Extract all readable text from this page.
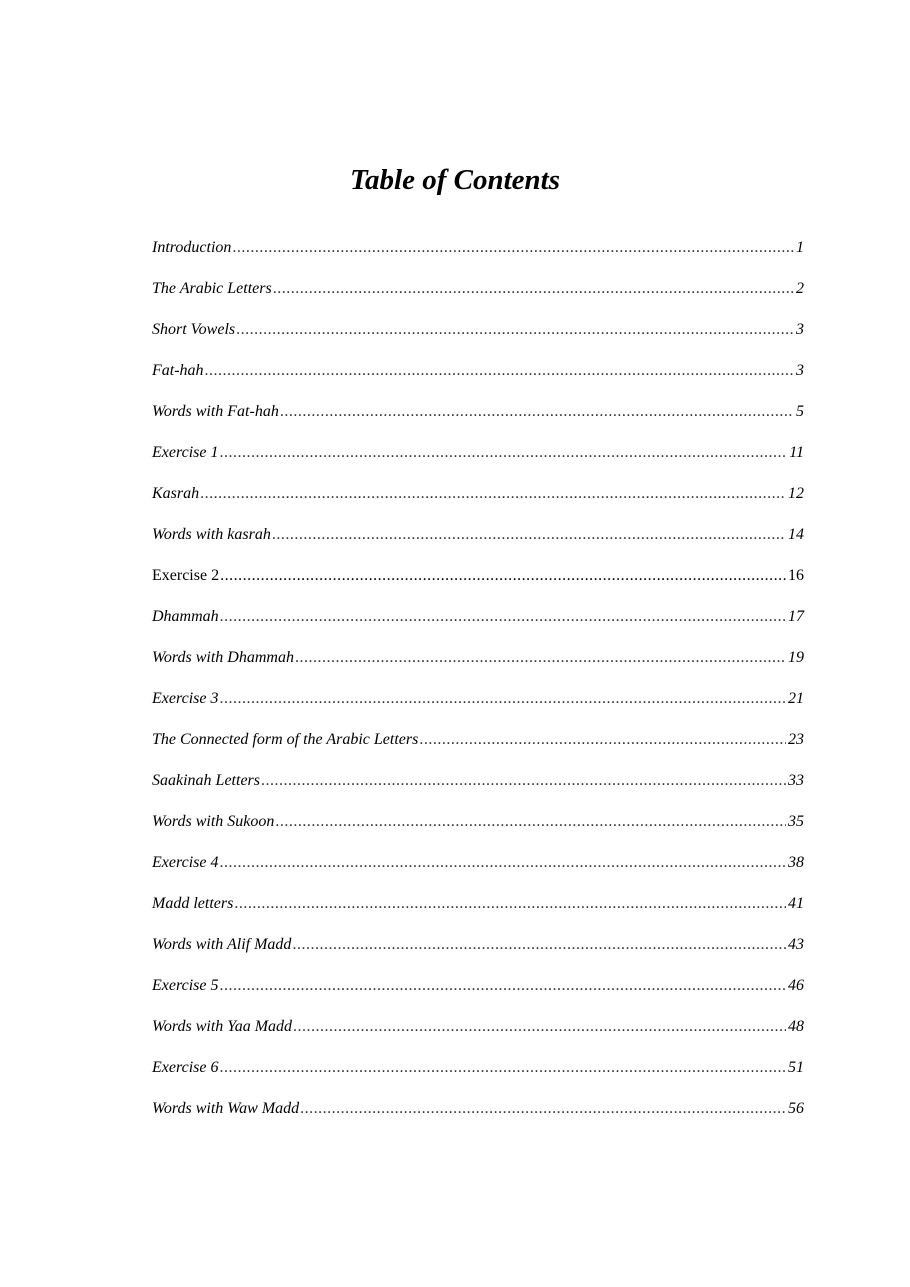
Table of Contents
Introduction .....	1
The Arabic Letters .....	2
Short Vowels .....	3
Fat-hah .....	3
Words with Fat-hah .....	5
Exercise 1 .....	11
Kasrah .....	12
Words with kasrah .....	14
Exercise 2 .....	16
Dhammah .....	17
Words with Dhammah .....	19
Exercise 3 .....	21
The Connected form of the Arabic Letters .....	23
Saakinah Letters .....	33
Words with Sukoon .....	35
Exercise 4 .....	38
Madd letters .....	41
Words with Alif Madd .....	43
Exercise 5 .....	46
Words with Yaa Madd .....	48
Exercise 6 .....	51
Words with Waw Madd .....	56
